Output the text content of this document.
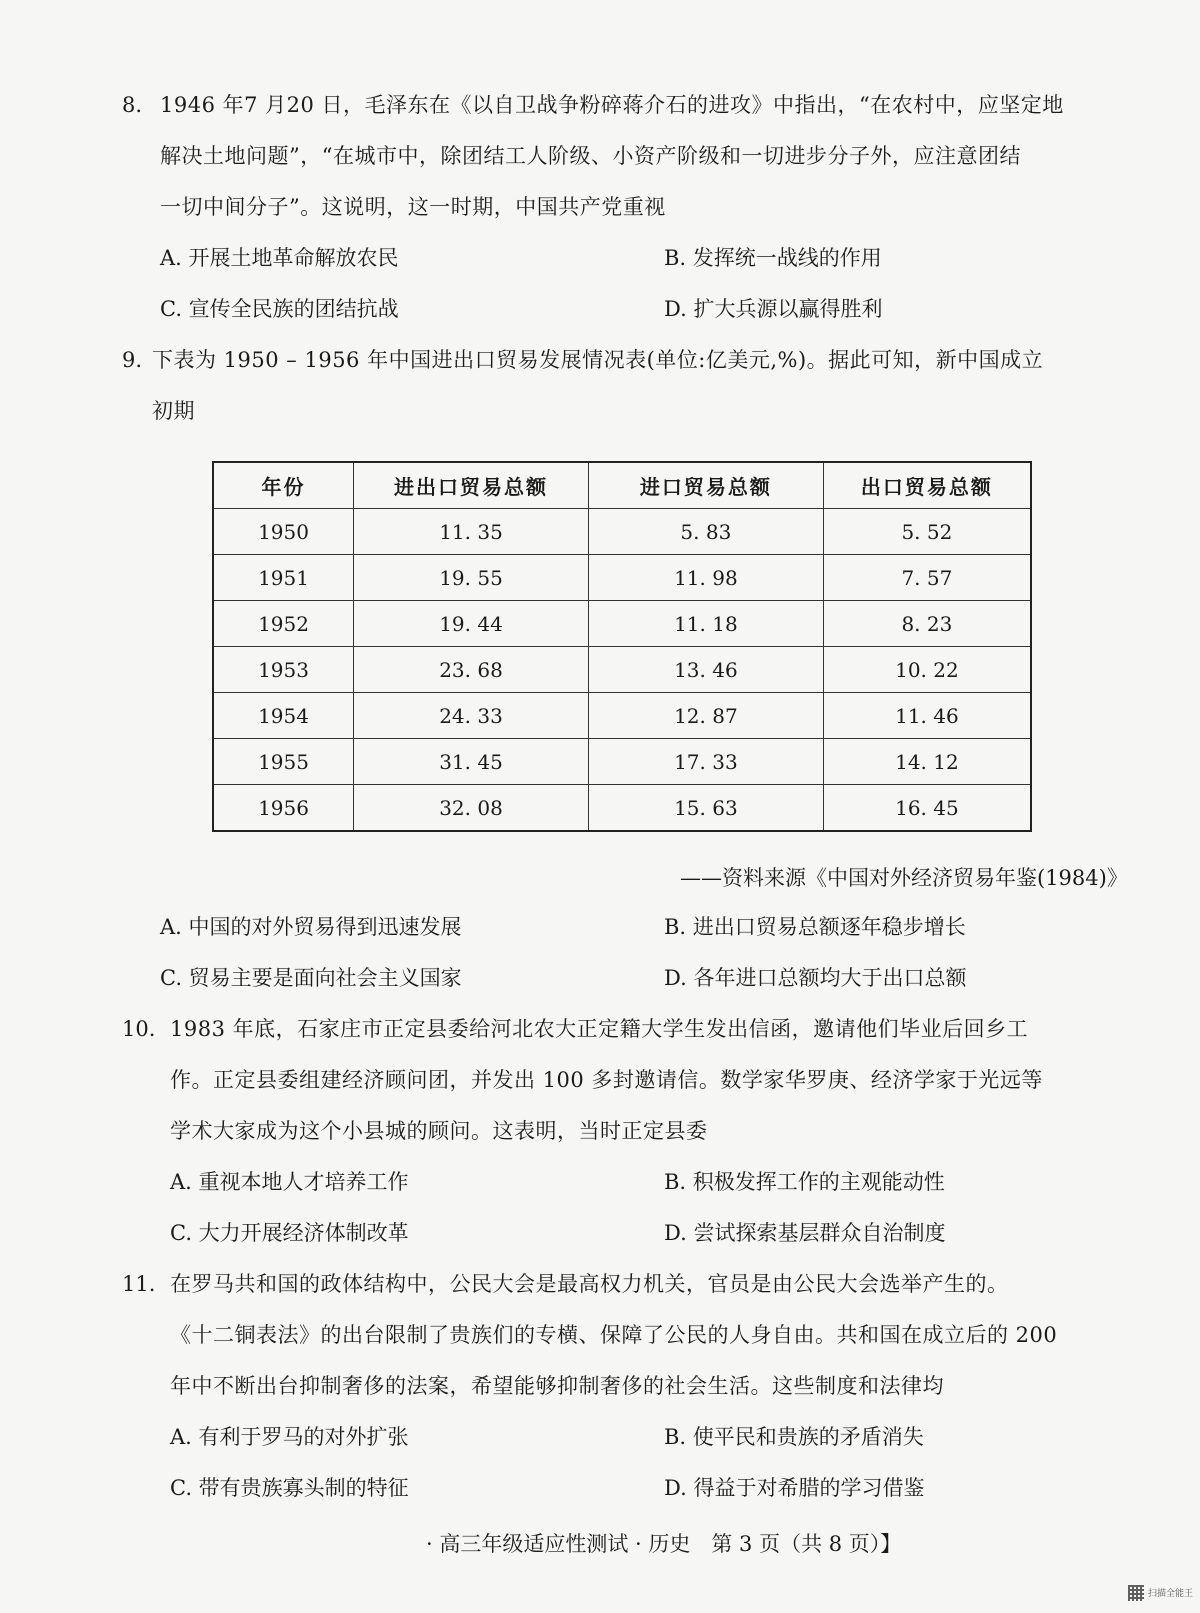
8. 1946 年7 月20 日，毛泽东在《以自卫战争粉碎蒋介石的进攻》中指出，“在农村中，应坚定地
解决土地问题”，“在城市中，除团结工人阶级、小资产阶级和一切进步分子外，应注意团结
一切中间分子”。这说明，这一时期，中国共产党重视
A. 开展土地革命解放农民	B. 发挥统一战线的作用
C. 宣传全民族的团结抗战	D. 扩大兵源以赢得胜利
9. 下表为 1950 – 1956 年中国进出口贸易发展情况表(单位:亿美元,%)。据此可知，新中国成立
初期
年份	进出口贸易总额	进口贸易总额	出口贸易总额
1950	11. 35	5. 83	5. 52
1951	19. 55	11. 98	7. 57
1952	19. 44	11. 18	8. 23
1953	23. 68	13. 46	10. 22
1954	24. 33	12. 87	11. 46
1955	31. 45	17. 33	14. 12
1956	32. 08	15. 63	16. 45
——资料来源《中国对外经济贸易年鉴(1984)》
A. 中国的对外贸易得到迅速发展	B. 进出口贸易总额逐年稳步增长
C. 贸易主要是面向社会主义国家	D. 各年进口总额均大于出口总额
10. 1983 年底，石家庄市正定县委给河北农大正定籍大学生发出信函，邀请他们毕业后回乡工
作。正定县委组建经济顾问团，并发出 100 多封邀请信。数学家华罗庚、经济学家于光远等
学术大家成为这个小县城的顾问。这表明，当时正定县委
A. 重视本地人才培养工作	B. 积极发挥工作的主观能动性
C. 大力开展经济体制改革	D. 尝试探索基层群众自治制度
11. 在罗马共和国的政体结构中，公民大会是最高权力机关，官员是由公民大会选举产生的。
《十二铜表法》的出台限制了贵族们的专横、保障了公民的人身自由。共和国在成立后的 200
年中不断出台抑制奢侈的法案，希望能够抑制奢侈的社会生活。这些制度和法律均
A. 有利于罗马的对外扩张	B. 使平民和贵族的矛盾消失
C. 带有贵族寡头制的特征	D. 得益于对希腊的学习借鉴
· 高三年级适应性测试 · 历史　第 3 页（共 8 页）】
扫描全能王
